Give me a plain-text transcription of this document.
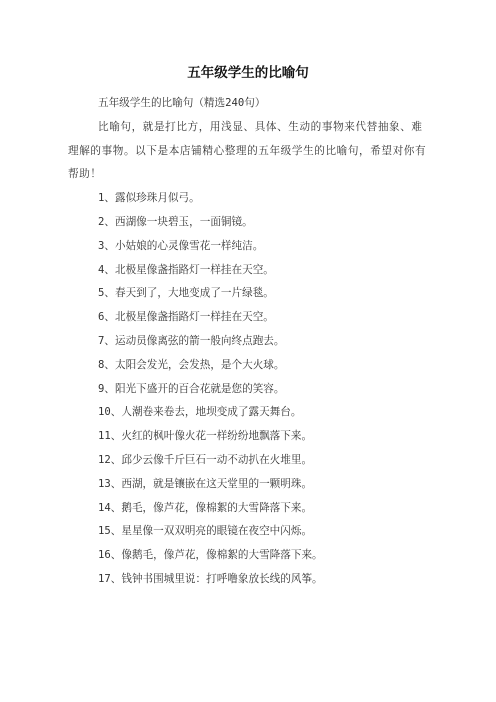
五年级学生的比喻句
五年级学生的比喻句（精选240句）
比喻句，就是打比方，用浅显、具体、生动的事物来代替抽象、难理解的事物。以下是本店铺精心整理的五年级学生的比喻句，希望对你有帮助！
1、露似珍珠月似弓。
2、西湖像一块碧玉，一面铜镜。
3、小姑娘的心灵像雪花一样纯洁。
4、北极星像盏指路灯一样挂在天空。
5、春天到了，大地变成了一片绿毯。
6、北极星像盏指路灯一样挂在天空。
7、运动员像离弦的箭一般向终点跑去。
8、太阳会发光，会发热，是个大火球。
9、阳光下盛开的百合花就是您的笑容。
10、人潮卷来卷去，地坝变成了露天舞台。
11、火红的枫叶像火花一样纷纷地飘落下来。
12、邱少云像千斤巨石一动不动扒在火堆里。
13、西湖，就是镶嵌在这天堂里的一颗明珠。
14、鹅毛，像芦花，像棉絮的大雪降落下来。
15、星星像一双双明亮的眼镜在夜空中闪烁。
16、像鹅毛，像芦花，像棉絮的大雪降落下来。
17、钱钟书围城里说：打呼噜象放长线的风筝。
